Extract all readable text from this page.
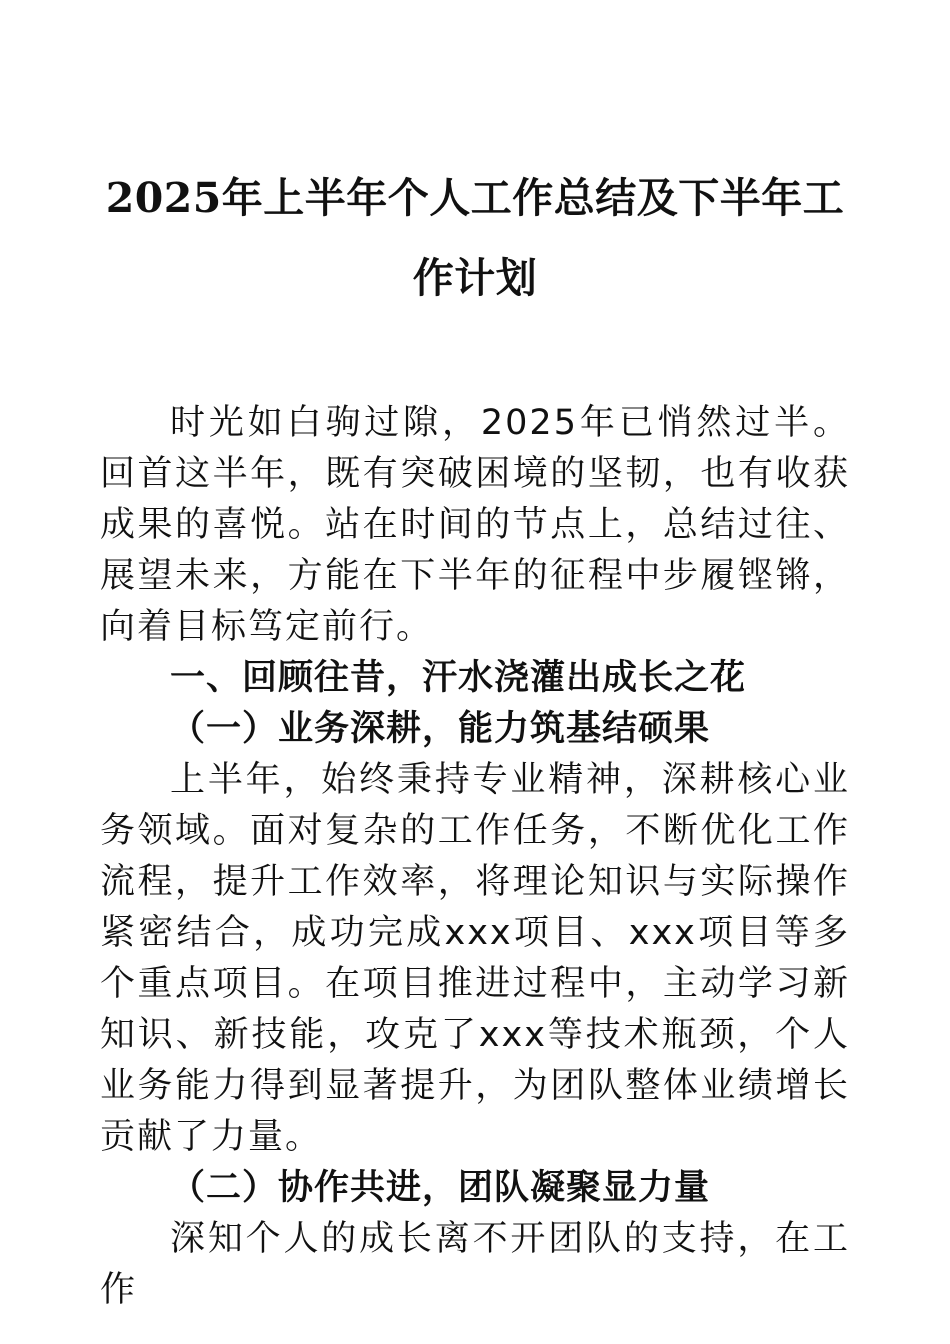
2025年上半年个人工作总结及下半年工
作计划

时光如白驹过隙，2025年已悄然过半。回首这半年，既有突破困境的坚韧，也有收获成果的喜悦。站在时间的节点上，总结过往、展望未来，方能在下半年的征程中步履铿锵，向着目标笃定前行。

一、回顾往昔，汗水浇灌出成长之花

（一）业务深耕，能力筑基结硕果

上半年，始终秉持专业精神，深耕核心业务领域。面对复杂的工作任务，不断优化工作流程，提升工作效率，将理论知识与实际操作紧密结合，成功完成xxx项目、xxx项目等多个重点项目。在项目推进过程中，主动学习新知识、新技能，攻克了xxx等技术瓶颈，个人业务能力得到显著提升，为团队整体业绩增长贡献了力量。

（二）协作共进，团队凝聚显力量

深知个人的成长离不开团队的支持，在工作
